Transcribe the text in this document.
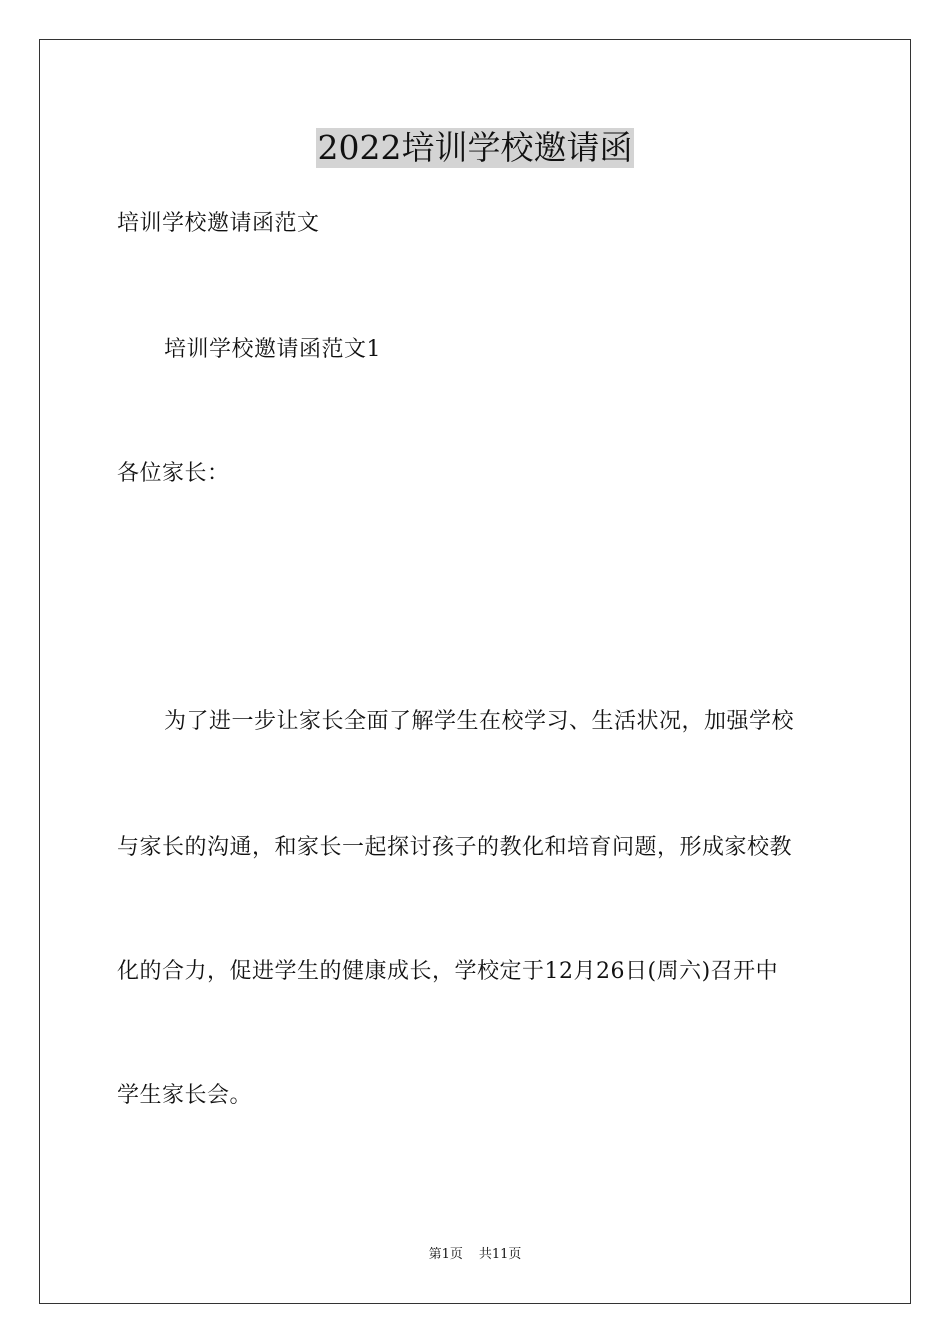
2022培训学校邀请函
培训学校邀请函范文
培训学校邀请函范文1
各位家长：
为了进一步让家长全面了解学生在校学习、生活状况，加强学校
与家长的沟通，和家长一起探讨孩子的教化和培育问题，形成家校教
化的合力，促进学生的健康成长，学校定于12月26日(周六)召开中
学生家长会。
第1页 共11页
